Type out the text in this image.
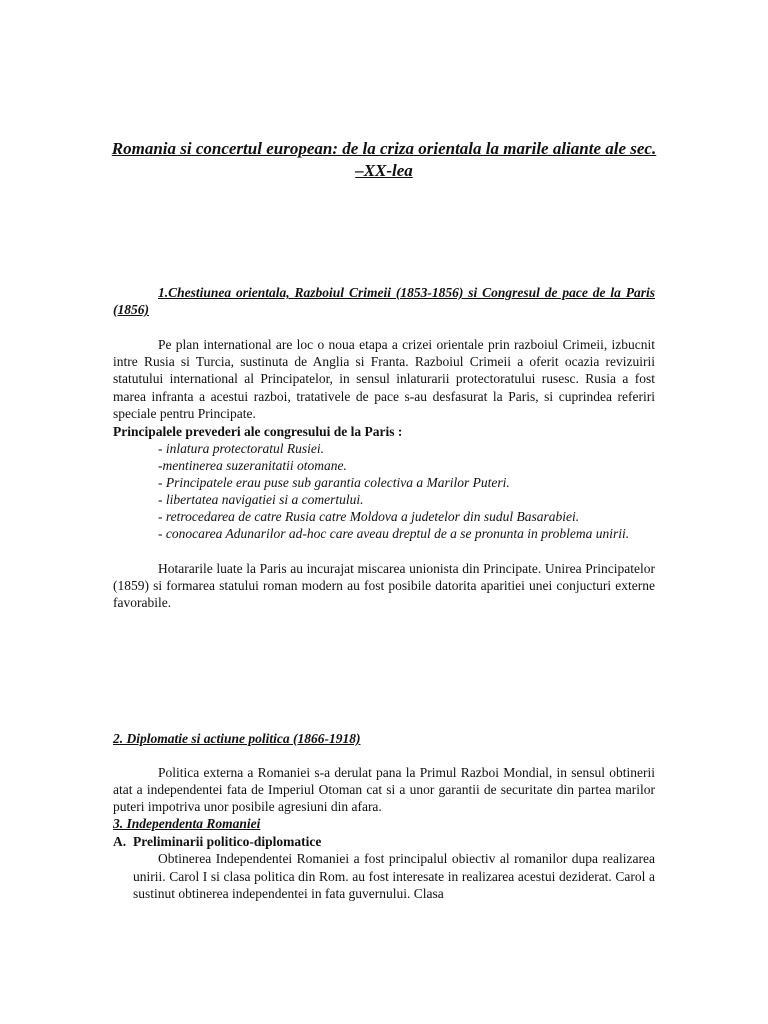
Romania si concertul european: de la criza orientala la marile aliante ale sec. –XX-lea
1.Chestiunea orientala, Razboiul Crimeii (1853-1856) si Congresul de pace de la Paris (1856)
Pe plan international are loc o noua etapa a crizei orientale prin razboiul Crimeii, izbucnit intre Rusia si Turcia, sustinuta de Anglia si Franta. Razboiul Crimeii a oferit ocazia revizuirii statutului international al Principatelor, in sensul inlaturarii protectoratului rusesc. Rusia a fost marea infranta a acestui razboi, tratativele de pace s-au desfasurat la Paris, si cuprindea referiri speciale pentru Principate.
Principalele prevederi ale congresului de la Paris :
- inlatura protectoratul Rusiei.
-mentinerea suzeranitatii otomane.
- Principatele erau puse sub garantia colectiva a Marilor Puteri.
- libertatea navigatiei si a comertului.
- retrocedarea de catre Rusia catre Moldova a judetelor din sudul Basarabiei.
- conocarea Adunarilor ad-hoc care aveau dreptul de a se pronunta in problema unirii.
Hotararile luate la Paris au incurajat miscarea unionista din Principate. Unirea Principatelor (1859) si formarea statului roman modern au fost posibile datorita aparitiei unei conjucturi externe favorabile.
2. Diplomatie si actiune politica (1866-1918)
Politica externa a Romaniei s-a derulat pana la Primul Razboi Mondial, in sensul obtinerii atat a independentei fata de Imperiul Otoman cat si a unor garantii de securitate din partea marilor puteri impotriva unor posibile agresiuni din afara.
3. Independenta Romaniei
A. Preliminarii politico-diplomatice
Obtinerea Independentei Romaniei a fost principalul obiectiv al romanilor dupa realizarea unirii. Carol I si clasa politica din Rom. au fost interesate in realizarea acestui deziderat. Carol a sustinut obtinerea independentei in fata guvernului. Clasa
